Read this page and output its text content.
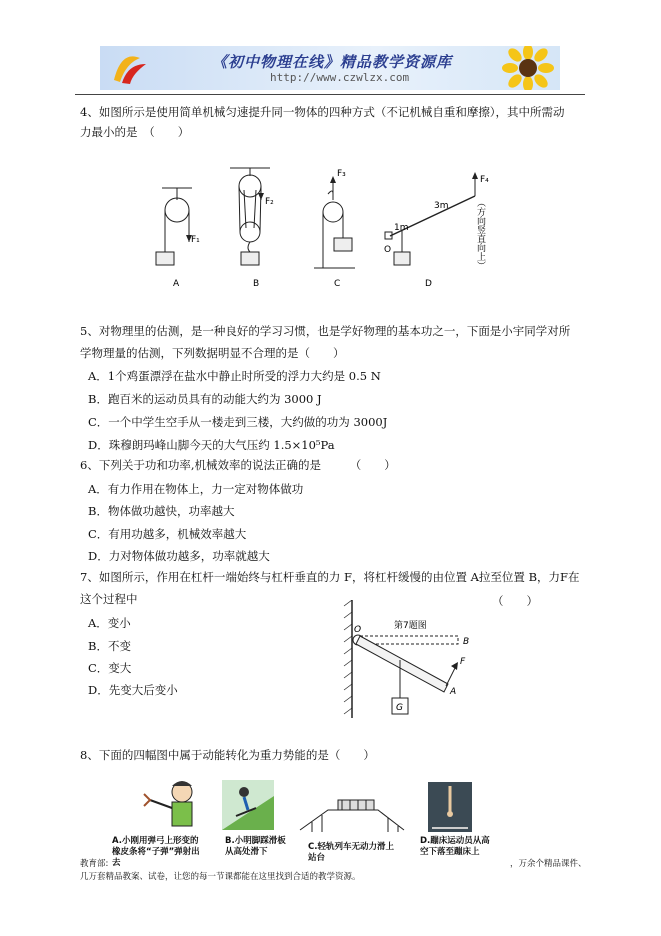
《初中物理在线》精品教学资源库
http://www.czwlzx.com
4、如图所示是使用简单机械匀速提升同一物体的四种方式（不记机械自重和摩擦），其中所需动
力最小的是　（　　）
F₁
F₂
F₃
F₄
1m
3m
O	（方向竖直向上）
A	B	C	D
5、对物理里的估测，是一种良好的学习习惯，也是学好物理的基本功之一，下面是小宇同学对所
学物理量的估测，下列数据明显不合理的是（　　）
A．1个鸡蛋漂浮在盐水中静止时所受的浮力大约是 0.5 N
B．跑百米的运动员具有的动能大约为 3000 J
C．一个中学生空手从一楼走到三楼，大约做的功为 3000J
D．珠穆朗玛峰山脚今天的大气压约 1.5×10⁵Pa
6、下列关于功和功率,机械效率的说法正确的是　　　（　　）
A．有力作用在物体上，力一定对物体做功
B．物体做功越快，功率越大
C．有用功越多，机械效率越大
D．力对物体做功越多，功率就越大
7、如图所示，作用在杠杆一端始终与杠杆垂直的力 F，将杠杆缓慢的由位置 A拉至位置 B，力F在
这个过程中	（　　）
A．变小
B．不变
C．变大
D．先变大后变小
第7题图
O
B
F
A
G
8、下面的四幅图中属于动能转化为重力势能的是（　　）
A.小刚用弹弓上形变的橡皮条将“子弹”弹射出去
B.小明脚踩滑板从高处滑下	C.轻轨列车无动力滑上站台
D.蹦床运动员从高空下落至蹦床上
教育部:	，万余个精品课件、
几万套精品教案、试卷，让您的每一节课都能在这里找到合适的教学资源。
